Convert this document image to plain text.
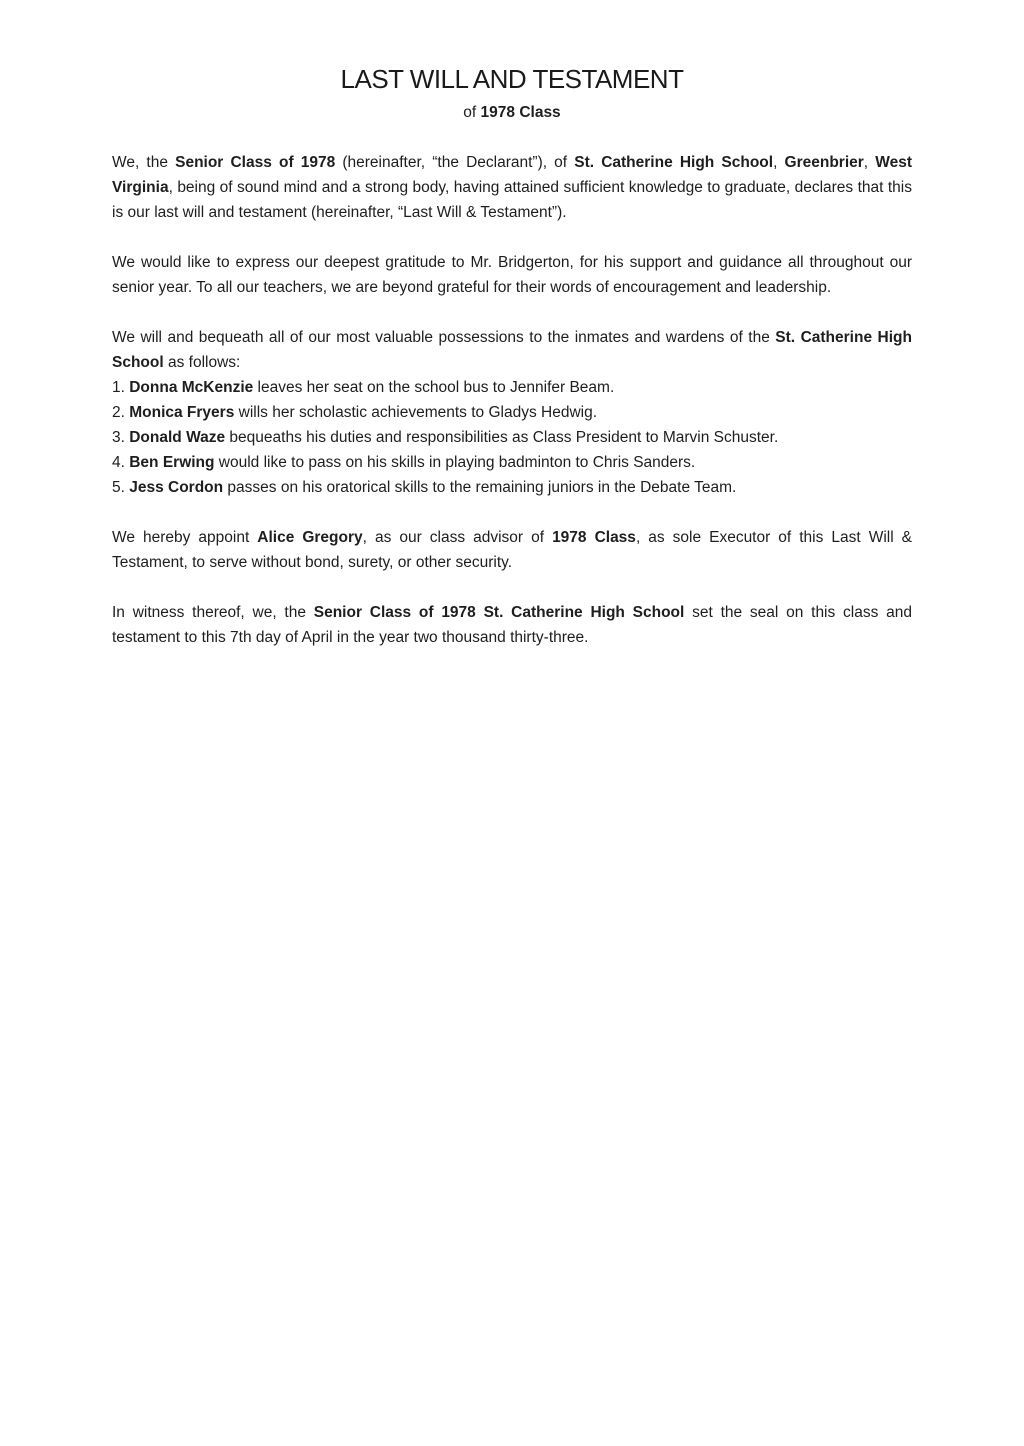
LAST WILL AND TESTAMENT
of 1978 Class

We, the Senior Class of 1978 (hereinafter, “the Declarant”), of St. Catherine High School, Greenbrier, West Virginia, being of sound mind and a strong body, having attained sufficient knowledge to graduate, declares that this is our last will and testament (hereinafter, “Last Will & Testament”).

We would like to express our deepest gratitude to Mr. Bridgerton, for his support and guidance all throughout our senior year. To all our teachers, we are beyond grateful for their words of encouragement and leadership.

We will and bequeath all of our most valuable possessions to the inmates and wardens of the St. Catherine High School as follows:

1. Donna McKenzie leaves her seat on the school bus to Jennifer Beam.
2. Monica Fryers wills her scholastic achievements to Gladys Hedwig.
3. Donald Waze bequeaths his duties and responsibilities as Class President to Marvin Schuster.
4. Ben Erwing would like to pass on his skills in playing badminton to Chris Sanders.
5. Jess Cordon passes on his oratorical skills to the remaining juniors in the Debate Team.

We hereby appoint Alice Gregory, as our class advisor of 1978 Class, as sole Executor of this Last Will & Testament, to serve without bond, surety, or other security.

In witness thereof, we, the Senior Class of 1978 St. Catherine High School set the seal on this class and testament to this 7th day of April in the year two thousand thirty-three.
